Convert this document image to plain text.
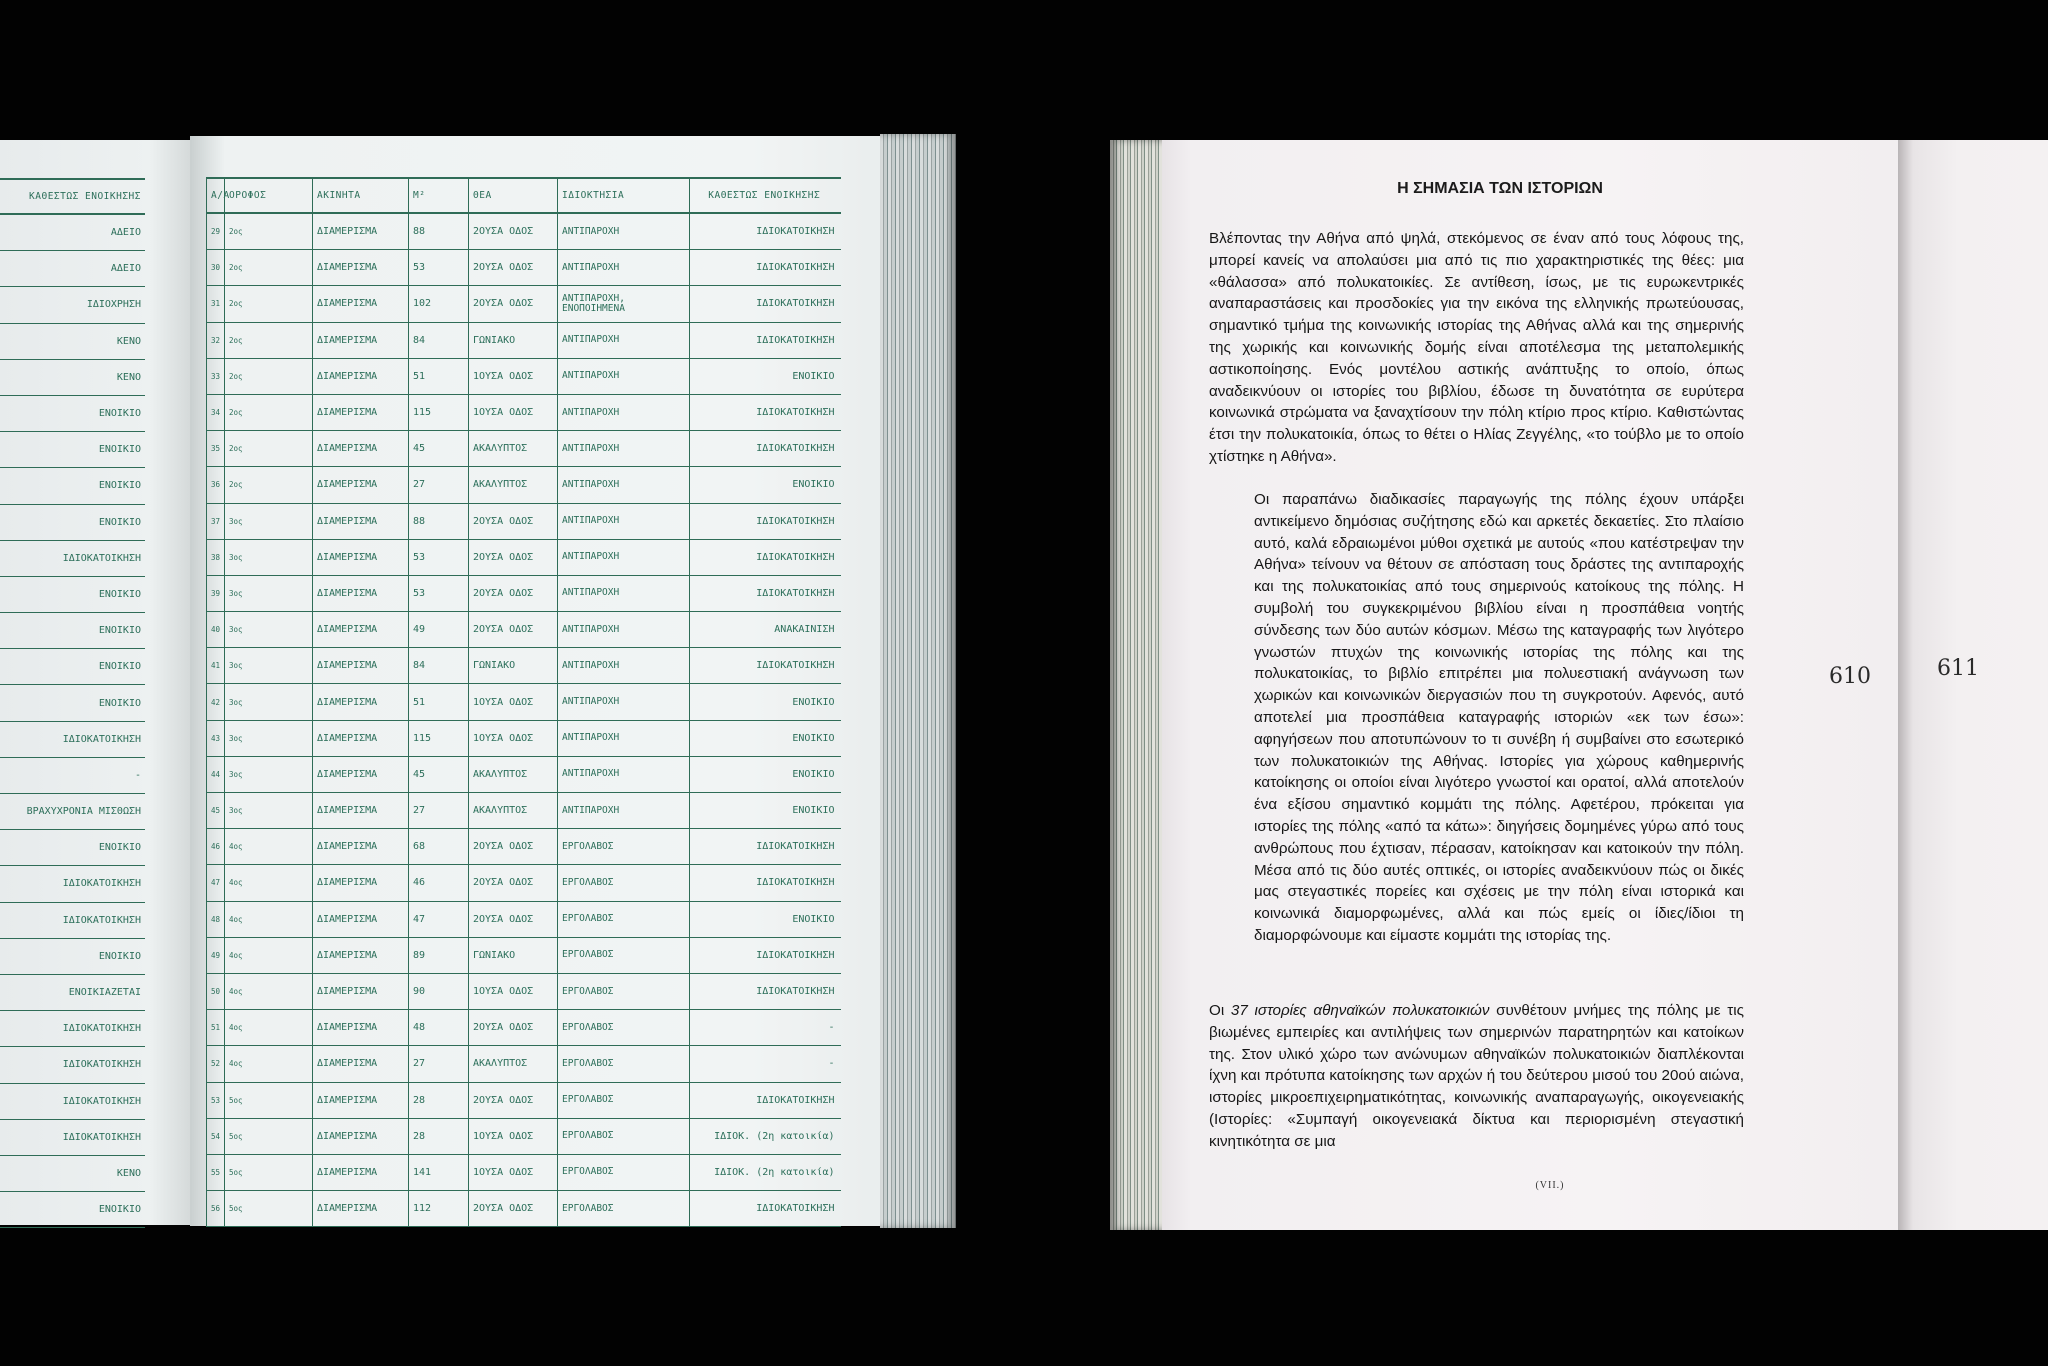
ΚΑΘΕΣΤΩΣ ΕΝΟΙΚΗΣΗΣ
ΑΔΕΙΟ
ΑΔΕΙΟ
ΙΔΙΟΧΡΗΣΗ
ΚΕΝΟ
ΚΕΝΟ
ΕΝΟΙΚΙΟ
ΕΝΟΙΚΙΟ
ΕΝΟΙΚΙΟ
ΕΝΟΙΚΙΟ
ΙΔΙΟΚΑΤΟΙΚΗΣΗ
ΕΝΟΙΚΙΟ
ΕΝΟΙΚΙΟ
ΕΝΟΙΚΙΟ
ΕΝΟΙΚΙΟ
ΙΔΙΟΚΑΤΟΙΚΗΣΗ
-
ΒΡΑΧΥΧΡΟΝΙΑ ΜΙΣΘΩΣΗ
ΕΝΟΙΚΙΟ
ΙΔΙΟΚΑΤΟΙΚΗΣΗ
ΙΔΙΟΚΑΤΟΙΚΗΣΗ
ΕΝΟΙΚΙΟ
ΕΝΟΙΚΙΑΖΕΤΑΙ
ΙΔΙΟΚΑΤΟΙΚΗΣΗ
ΙΔΙΟΚΑΤΟΙΚΗΣΗ
ΙΔΙΟΚΑΤΟΙΚΗΣΗ
ΙΔΙΟΚΑΤΟΙΚΗΣΗ
ΚΕΝΟ
ΕΝΟΙΚΙΟ
Α/Α	ΟΡΟΦΟΣ	ΑΚΙΝΗΤΑ	Μ²	ΘΕΑ	ΙΔΙΟΚΤΗΣΙΑ	ΚΑΘΕΣΤΩΣ ΕΝΟΙΚΗΣΗΣ
29	2ος	ΔΙΑΜΕΡΙΣΜΑ	88	2ΟΥΣΑ ΟΔΟΣ	ΑΝΤΙΠΑΡΟΧΗ	ΙΔΙΟΚΑΤΟΙΚΗΣΗ
30	2ος	ΔΙΑΜΕΡΙΣΜΑ	53	2ΟΥΣΑ ΟΔΟΣ	ΑΝΤΙΠΑΡΟΧΗ	ΙΔΙΟΚΑΤΟΙΚΗΣΗ
31	2ος	ΔΙΑΜΕΡΙΣΜΑ	102	2ΟΥΣΑ ΟΔΟΣ	ΑΝΤΙΠΑΡΟΧΗ, ΕΝΟΠΟΙΗΜΕΝΑ	ΙΔΙΟΚΑΤΟΙΚΗΣΗ
32	2ος	ΔΙΑΜΕΡΙΣΜΑ	84	ΓΩΝΙΑΚΟ	ΑΝΤΙΠΑΡΟΧΗ	ΙΔΙΟΚΑΤΟΙΚΗΣΗ
33	2ος	ΔΙΑΜΕΡΙΣΜΑ	51	1ΟΥΣΑ ΟΔΟΣ	ΑΝΤΙΠΑΡΟΧΗ	ΕΝΟΙΚΙΟ
34	2ος	ΔΙΑΜΕΡΙΣΜΑ	115	1ΟΥΣΑ ΟΔΟΣ	ΑΝΤΙΠΑΡΟΧΗ	ΙΔΙΟΚΑΤΟΙΚΗΣΗ
35	2ος	ΔΙΑΜΕΡΙΣΜΑ	45	ΑΚΑΛΥΠΤΟΣ	ΑΝΤΙΠΑΡΟΧΗ	ΙΔΙΟΚΑΤΟΙΚΗΣΗ
36	2ος	ΔΙΑΜΕΡΙΣΜΑ	27	ΑΚΑΛΥΠΤΟΣ	ΑΝΤΙΠΑΡΟΧΗ	ΕΝΟΙΚΙΟ
37	3ος	ΔΙΑΜΕΡΙΣΜΑ	88	2ΟΥΣΑ ΟΔΟΣ	ΑΝΤΙΠΑΡΟΧΗ	ΙΔΙΟΚΑΤΟΙΚΗΣΗ
38	3ος	ΔΙΑΜΕΡΙΣΜΑ	53	2ΟΥΣΑ ΟΔΟΣ	ΑΝΤΙΠΑΡΟΧΗ	ΙΔΙΟΚΑΤΟΙΚΗΣΗ
39	3ος	ΔΙΑΜΕΡΙΣΜΑ	53	2ΟΥΣΑ ΟΔΟΣ	ΑΝΤΙΠΑΡΟΧΗ	ΙΔΙΟΚΑΤΟΙΚΗΣΗ
40	3ος	ΔΙΑΜΕΡΙΣΜΑ	49	2ΟΥΣΑ ΟΔΟΣ	ΑΝΤΙΠΑΡΟΧΗ	ΑΝΑΚΑΙΝΙΣΗ
41	3ος	ΔΙΑΜΕΡΙΣΜΑ	84	ΓΩΝΙΑΚΟ	ΑΝΤΙΠΑΡΟΧΗ	ΙΔΙΟΚΑΤΟΙΚΗΣΗ
42	3ος	ΔΙΑΜΕΡΙΣΜΑ	51	1ΟΥΣΑ ΟΔΟΣ	ΑΝΤΙΠΑΡΟΧΗ	ΕΝΟΙΚΙΟ
43	3ος	ΔΙΑΜΕΡΙΣΜΑ	115	1ΟΥΣΑ ΟΔΟΣ	ΑΝΤΙΠΑΡΟΧΗ	ΕΝΟΙΚΙΟ
44	3ος	ΔΙΑΜΕΡΙΣΜΑ	45	ΑΚΑΛΥΠΤΟΣ	ΑΝΤΙΠΑΡΟΧΗ	ΕΝΟΙΚΙΟ
45	3ος	ΔΙΑΜΕΡΙΣΜΑ	27	ΑΚΑΛΥΠΤΟΣ	ΑΝΤΙΠΑΡΟΧΗ	ΕΝΟΙΚΙΟ
46	4ος	ΔΙΑΜΕΡΙΣΜΑ	68	2ΟΥΣΑ ΟΔΟΣ	ΕΡΓΟΛΑΒΟΣ	ΙΔΙΟΚΑΤΟΙΚΗΣΗ
47	4ος	ΔΙΑΜΕΡΙΣΜΑ	46	2ΟΥΣΑ ΟΔΟΣ	ΕΡΓΟΛΑΒΟΣ	ΙΔΙΟΚΑΤΟΙΚΗΣΗ
48	4ος	ΔΙΑΜΕΡΙΣΜΑ	47	2ΟΥΣΑ ΟΔΟΣ	ΕΡΓΟΛΑΒΟΣ	ΕΝΟΙΚΙΟ
49	4ος	ΔΙΑΜΕΡΙΣΜΑ	89	ΓΩΝΙΑΚΟ	ΕΡΓΟΛΑΒΟΣ	ΙΔΙΟΚΑΤΟΙΚΗΣΗ
50	4ος	ΔΙΑΜΕΡΙΣΜΑ	90	1ΟΥΣΑ ΟΔΟΣ	ΕΡΓΟΛΑΒΟΣ	ΙΔΙΟΚΑΤΟΙΚΗΣΗ
51	4ος	ΔΙΑΜΕΡΙΣΜΑ	48	2ΟΥΣΑ ΟΔΟΣ	ΕΡΓΟΛΑΒΟΣ	-
52	4ος	ΔΙΑΜΕΡΙΣΜΑ	27	ΑΚΑΛΥΠΤΟΣ	ΕΡΓΟΛΑΒΟΣ	-
53	5ος	ΔΙΑΜΕΡΙΣΜΑ	28	2ΟΥΣΑ ΟΔΟΣ	ΕΡΓΟΛΑΒΟΣ	ΙΔΙΟΚΑΤΟΙΚΗΣΗ
54	5ος	ΔΙΑΜΕΡΙΣΜΑ	28	1ΟΥΣΑ ΟΔΟΣ	ΕΡΓΟΛΑΒΟΣ	ΙΔΙΟΚ. (2η κατοικία)
55	5ος	ΔΙΑΜΕΡΙΣΜΑ	141	1ΟΥΣΑ ΟΔΟΣ	ΕΡΓΟΛΑΒΟΣ	ΙΔΙΟΚ. (2η κατοικία)
56	5ος	ΔΙΑΜΕΡΙΣΜΑ	112	2ΟΥΣΑ ΟΔΟΣ	ΕΡΓΟΛΑΒΟΣ	ΙΔΙΟΚΑΤΟΙΚΗΣΗ
Η ΣΗΜΑΣΙΑ ΤΩΝ ΙΣΤΟΡΙΩΝ

Βλέποντας την Αθήνα από ψηλά, στεκόμενος σε έναν από τους λόφους της, μπορεί κανείς να απολαύσει μια από τις πιο χαρακτηριστικές της θέες: μια «θάλασσα» από πολυκατοικίες. Σε αντίθεση, ίσως, με τις ευρωκεντρικές αναπαραστάσεις και προσδοκίες για την εικόνα της ελληνικής πρωτεύουσας, σημαντικό τμήμα της κοινωνικής ιστορίας της Αθήνας αλλά και της σημερινής της χωρικής και κοινωνικής δομής είναι αποτέλεσμα της μεταπολεμικής αστικοποίησης. Ενός μοντέλου αστικής ανάπτυξης το οποίο, όπως αναδεικνύουν οι ιστορίες του βιβλίου, έδωσε τη δυνατότητα σε ευρύτερα κοινωνικά στρώματα να ξαναχτίσουν την πόλη κτίριο προς κτίριο. Καθιστώντας έτσι την πολυκατοικία, όπως το θέτει ο Ηλίας Ζεγγέλης, «το τούβλο με το οποίο χτίστηκε η Αθήνα».

Οι παραπάνω διαδικασίες παραγωγής της πόλης έχουν υπάρξει αντικείμενο δημόσιας συζήτησης εδώ και αρκετές δεκαετίες. Στο πλαίσιο αυτό, καλά εδραιωμένοι μύθοι σχετικά με αυτούς «που κατέστρεψαν την Αθήνα» τείνουν να θέτουν σε απόσταση τους δράστες της αντιπαροχής και της πολυκατοικίας από τους σημερινούς κατοίκους της πόλης. Η συμβολή του συγκεκριμένου βιβλίου είναι η προσπάθεια νοητής σύνδεσης των δύο αυτών κόσμων. Μέσω της καταγραφής των λιγότερο γνωστών πτυχών της κοινωνικής ιστορίας της πόλης και της πολυκατοικίας, το βιβλίο επιτρέπει μια πολυεστιακή ανάγνωση των χωρικών και κοινωνικών διεργασιών που τη συγκροτούν. Αφενός, αυτό αποτελεί μια προσπάθεια καταγραφής ιστοριών «εκ των έσω»: αφηγήσεων που αποτυπώνουν το τι συνέβη ή συμβαίνει στο εσωτερικό των πολυκατοικιών της Αθήνας. Ιστορίες για χώρους καθημερινής κατοίκησης οι οποίοι είναι λιγότερο γνωστοί και ορατοί, αλλά αποτελούν ένα εξίσου σημαντικό κομμάτι της πόλης. Αφετέρου, πρόκειται για ιστορίες της πόλης «από τα κάτω»: διηγήσεις δομημένες γύρω από τους ανθρώπους που έχτισαν, πέρασαν, κατοίκησαν και κατοικούν την πόλη. Μέσα από τις δύο αυτές οπτικές, οι ιστορίες αναδεικνύουν πώς οι δικές μας στεγαστικές πορείες και σχέσεις με την πόλη είναι ιστορικά και κοινωνικά διαμορφωμένες, αλλά και πώς εμείς οι ίδιες/ίδιοι τη διαμορφώνουμε και είμαστε κομμάτι της ιστορίας της.

Οι 37 ιστορίες αθηναϊκών πολυκατοικιών συνθέτουν μνήμες της πόλης με τις βιωμένες εμπειρίες και αντιλήψεις των σημερινών παρατηρητών και κατοίκων της. Στον υλικό χώρο των ανώνυμων αθηναϊκών πολυκατοικιών διαπλέκονται ίχνη και πρότυπα κατοίκησης των αρχών ή του δεύτερου μισού του 20ού αιώνα, ιστορίες μικροεπιχειρηματικότητας, κοινωνικής αναπαραγωγής, οικογενειακής (Ιστορίες: «Συμπαγή οικογενειακά δίκτυα και περιορισμένη στεγαστική κινητικότητα σε μια

610	611
(VII.)
